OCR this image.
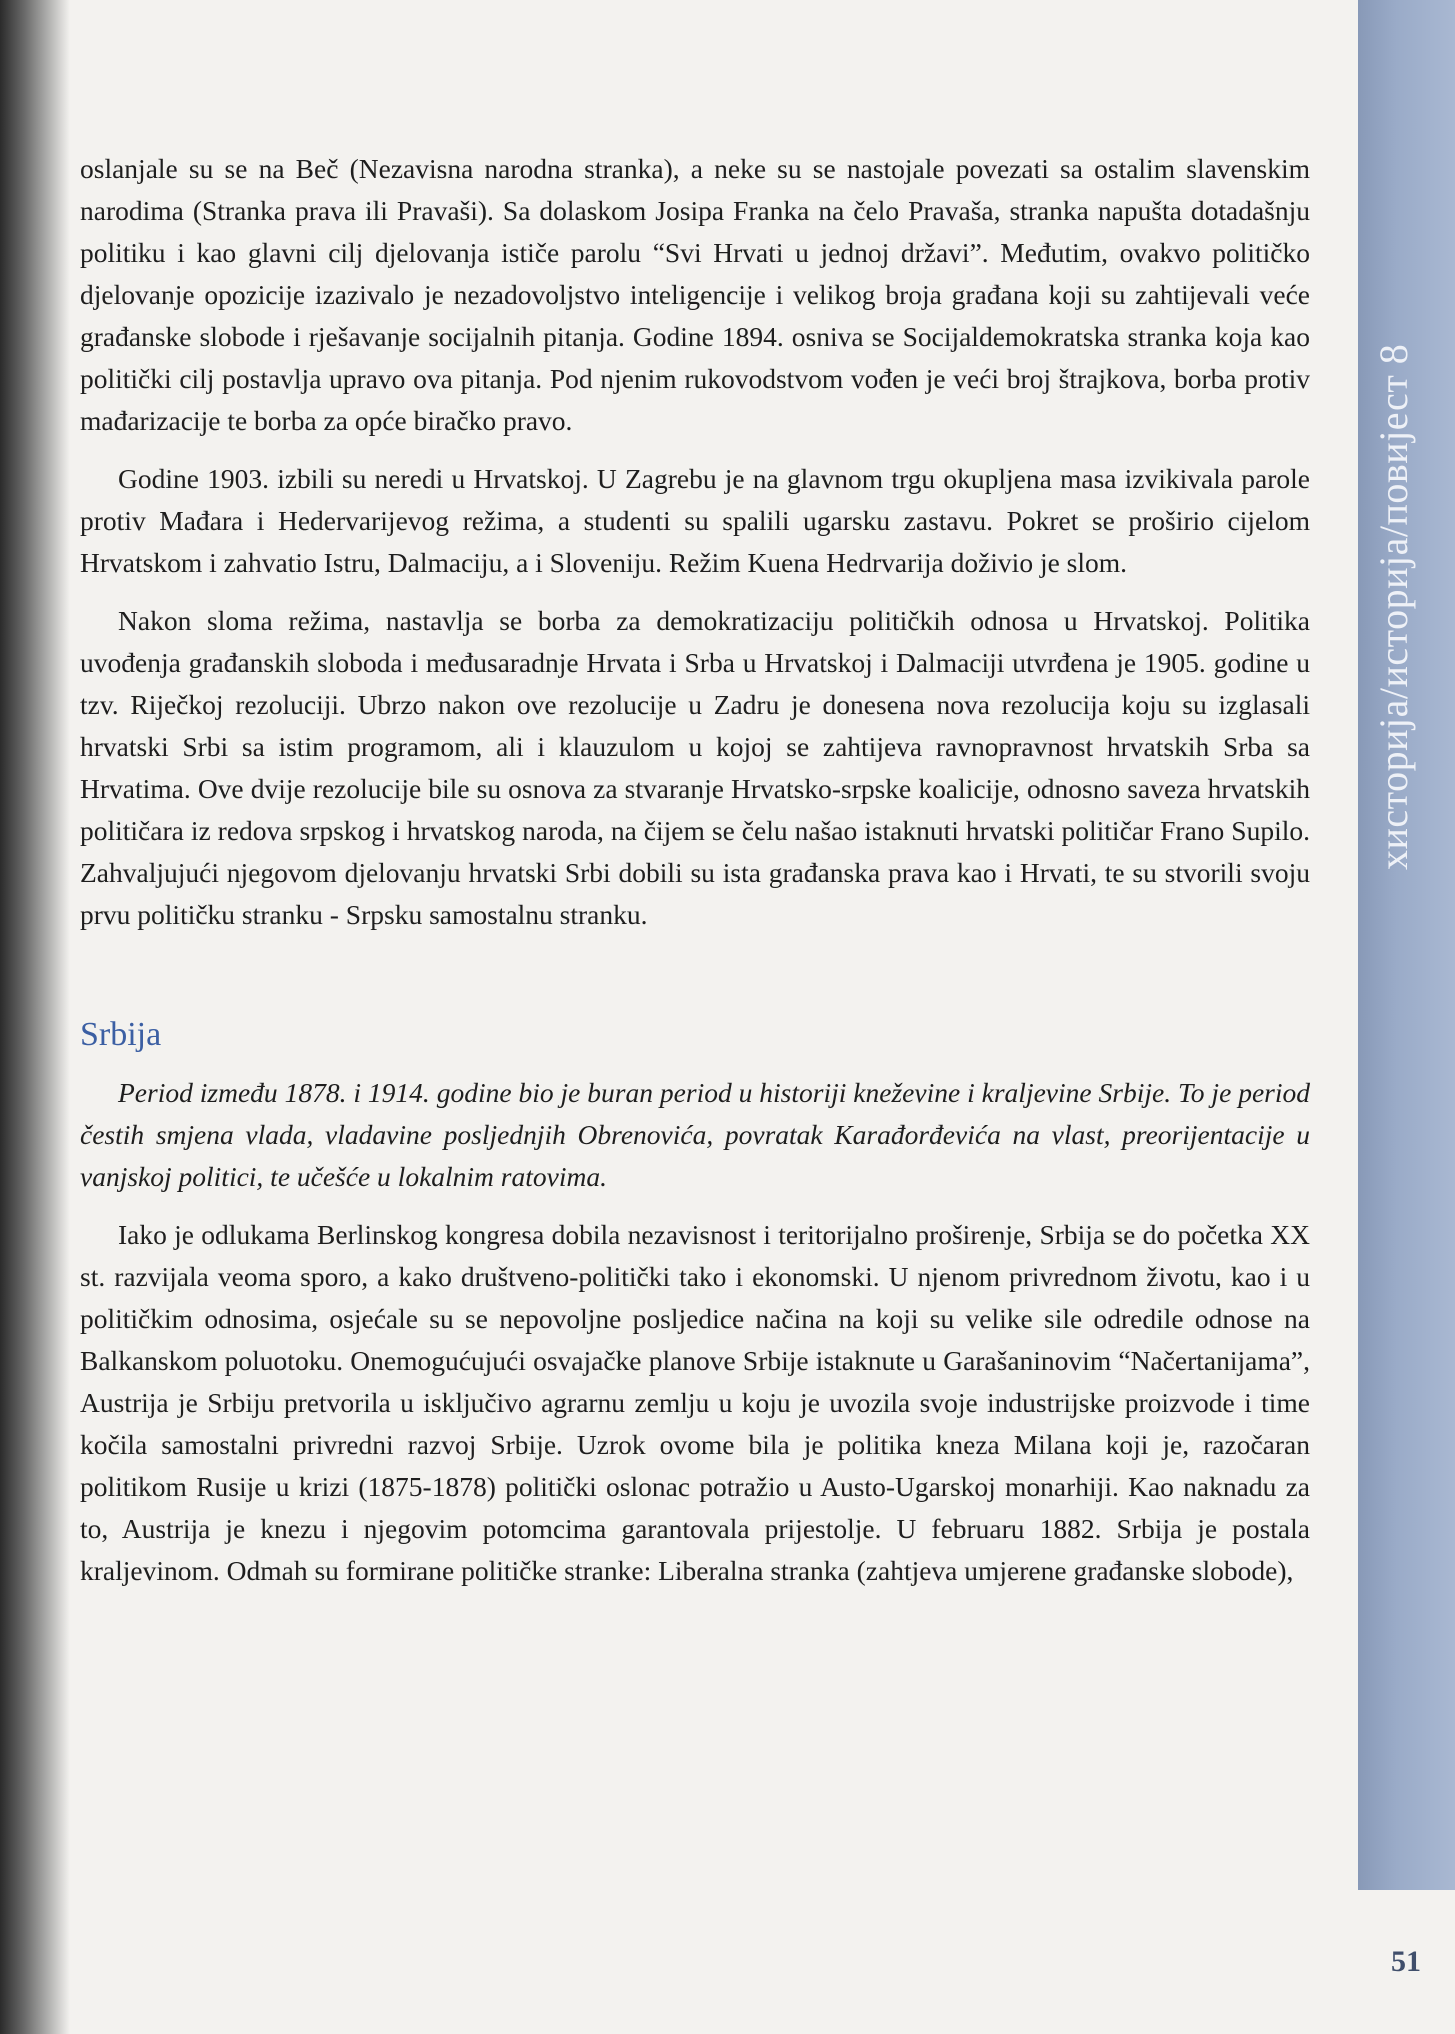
хисторија/историја/повијест 8

oslanjale su se na Beč (Nezavisna narodna stranka), a neke su se nastojale povezati sa ostalim slavenskim narodima (Stranka prava ili Pravaši). Sa dolaskom Josipa Franka na čelo Pravaša, stranka napušta dotadašnju politiku i kao glavni cilj djelovanja ističe parolu “Svi Hrvati u jednoj državi”. Međutim, ovakvo političko djelovanje opozicije izazivalo je nezadovoljstvo inteligencije i velikog broja građana koji su zahtijevali veće građanske slobode i rješavanje socijalnih pitanja. Godine 1894. osniva se Socijaldemokratska stranka koja kao politički cilj postavlja upravo ova pitanja. Pod njenim rukovodstvom vođen je veći broj štrajkova, borba protiv mađarizacije te borba za opće biračko pravo.

Godine 1903. izbili su neredi u Hrvatskoj. U Zagrebu je na glavnom trgu okupljena masa izvikivala parole protiv Mađara i Hedervarijevog režima, a studenti su spalili ugarsku zastavu. Pokret se proširio cijelom Hrvatskom i zahvatio Istru, Dalmaciju, a i Sloveniju. Režim Kuena Hedrvarija doživio je slom.

Nakon sloma režima, nastavlja se borba za demokratizaciju političkih odnosa u Hrvatskoj. Politika uvođenja građanskih sloboda i međusaradnje Hrvata i Srba u Hrvatskoj i Dalmaciji utvrđena je 1905. godine u tzv. Riječkoj rezoluciji. Ubrzo nakon ove rezolucije u Zadru je donesena nova rezolucija koju su izglasali hrvatski Srbi sa istim programom, ali i klauzulom u kojoj se zahtijeva ravnopravnost hrvatskih Srba sa Hrvatima. Ove dvije rezolucije bile su osnova za stvaranje Hrvatsko-srpske koalicije, odnosno saveza hrvatskih političara iz redova srpskog i hrvatskog naroda, na čijem se čelu našao istaknuti hrvatski političar Frano Supilo. Zahvaljujući njegovom djelovanju hrvatski Srbi dobili su ista građanska prava kao i Hrvati, te su stvorili svoju prvu političku stranku - Srpsku samostalnu stranku.

Srbija

Period između 1878. i 1914. godine bio je buran period u historiji kneževine i kraljevine Srbije. To je period čestih smjena vlada, vladavine posljednjih Obrenovića, povratak Karađorđevića na vlast, preorijentacije u vanjskoj politici, te učešće u lokalnim ratovima.

Iako je odlukama Berlinskog kongresa dobila nezavisnost i teritorijalno proširenje, Srbija se do početka XX st. razvijala veoma sporo, a kako društveno-politički tako i ekonomski. U njenom privrednom životu, kao i u političkim odnosima, osjećale su se nepovoljne posljedice načina na koji su velike sile odredile odnose na Balkanskom poluotoku. Onemogućujući osvajačke planove Srbije istaknute u Garašaninovim “Načertanijama”, Austrija je Srbiju pretvorila u isključivo agrarnu zemlju u koju je uvozila svoje industrijske proizvode i time kočila samostalni privredni razvoj Srbije. Uzrok ovome bila je politika kneza Milana koji je, razočaran politikom Rusije u krizi (1875-1878) politički oslonac potražio u Austo-Ugarskoj monarhiji. Kao naknadu za to, Austrija je knezu i njegovim potomcima garantovala prijestolje. U februaru 1882. Srbija je postala kraljevinom. Odmah su formirane političke stranke: Liberalna stranka (zahtjeva umjerene građanske slobode),

51
